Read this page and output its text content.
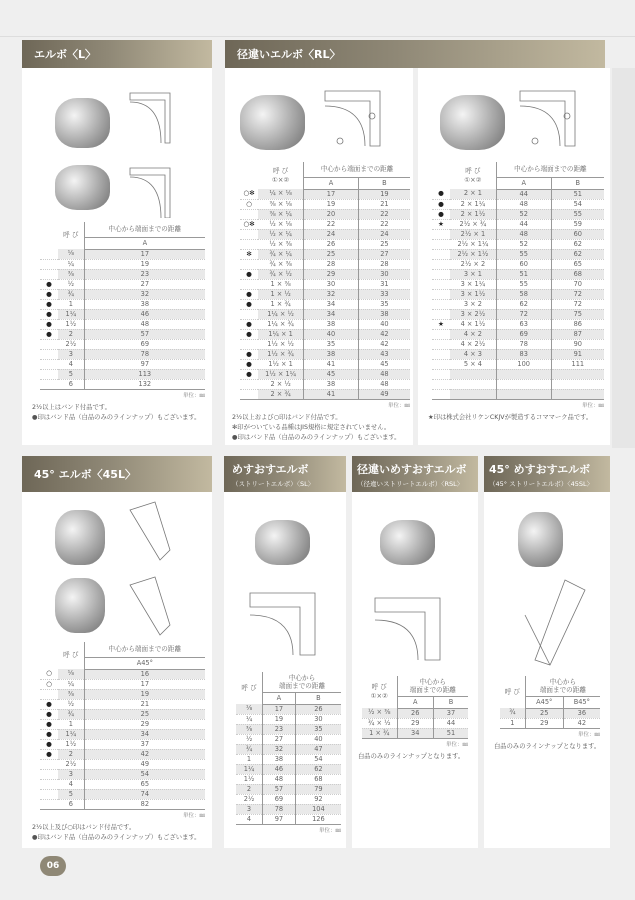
エルボ〈L〉	径違いエルボ〈RL〉
45° エルボ〈45L〉	めすおすエルボ
（ストリートエルボ）〈SL〉
径違いめすおすエルボ
（径違いストリートエルボ）〈RSL〉
45° めすおすエルボ
（45° ストリートエルボ）〈45SL〉
	呼 び	中心から端面までの距離
		A
	⅛	17
	¼	19
	⅜	23
●	½	27
●	¾	32
●	1	38
●	1¼	46
●	1½	48
●	2	57
	2½	69
	3	78
	4	97
	5	113
	6	132
単位：㎜
2½以上はバンド付品です。
●印はバンド品（白品のみのラインナップ）もございます。
	呼 び
①×②	中心から端面までの距離	
		A	B
○✻	¼ × ⅛	17	19
○	⅜ × ⅛	19	21
	⅜ × ¼	20	22
○✻	½ × ⅛	22	22
	½ × ¼	24	24
	½ × ⅜	26	25
✻	¾ × ¼	25	27
	¾ × ⅜	28	28
●	¾ × ½	29	30
	1 × ⅜	30	31
●	1 × ½	32	33
●	1 × ¾	34	35
	1¼ × ½	34	38
●	1¼ × ¾	38	40
●	1¼ × 1	40	42
	1½ × ½	35	42
●	1½ × ¾	38	43
●	1½ × 1	41	45
●	1½ × 1¼	45	48
	2 × ½	38	48
	2 × ¾	41	49
単位：㎜
2½以上および○印はバンド付品です。
✻印がついている品種はJIS規格に規定されていません。
●印はバンド品（白品のみのラインナップ）もございます。
	呼 び
①×②	中心から端面までの距離	
		A	B
●	2 × 1	44	51
●	2 × 1¼	48	54
●	2 × 1½	52	55
★	2½ × ¾	44	59
	2½ × 1	48	60
	2½ × 1¼	52	62
	2½ × 1½	55	62
	2½ × 2	60	65
	3 × 1	51	68
	3 × 1¼	55	70
	3 × 1½	58	72
	3 × 2	62	72
	3 × 2½	72	75
★	4 × 1½	63	86
	4 × 2	69	87
	4 × 2½	78	90
	4 × 3	83	91
	5 × 4	100	111

単位：㎜
★印は株式会社リケンCKJVが製造するコママーク品です。
	呼 び	中心から端面までの距離
		A45°
○	⅛	16
○	¼	17
	⅜	19
●	½	21
●	¾	25
●	1	29
●	1¼	34
●	1½	37
●	2	42
	2½	49
	3	54
	4	65
	5	74
	6	82
単位：㎜
2½以上及び○印はバンド付品です。
●印はバンド品（白品のみのラインナップ）もございます。
呼 び	中心から
端面までの距離	
	A	B
⅛	17	26
¼	19	30
⅜	23	35
½	27	40
¾	32	47
1	38	54
1¼	46	62
1½	48	68
2	57	79
2½	69	92
3	78	104
4	97	126
単位：㎜
呼 び
①×②	中心から
端面までの距離	
	A	B
½ × ⅜	26	37
¾ × ½	29	44
1 × ¾	34	51
単位：㎜
白品のみのラインナップとなります。
呼 び	中心から
端面までの距離	
	A45°	B45°
¾	25	36
1	29	42
単位：㎜
白品のみのラインナップとなります。
06
